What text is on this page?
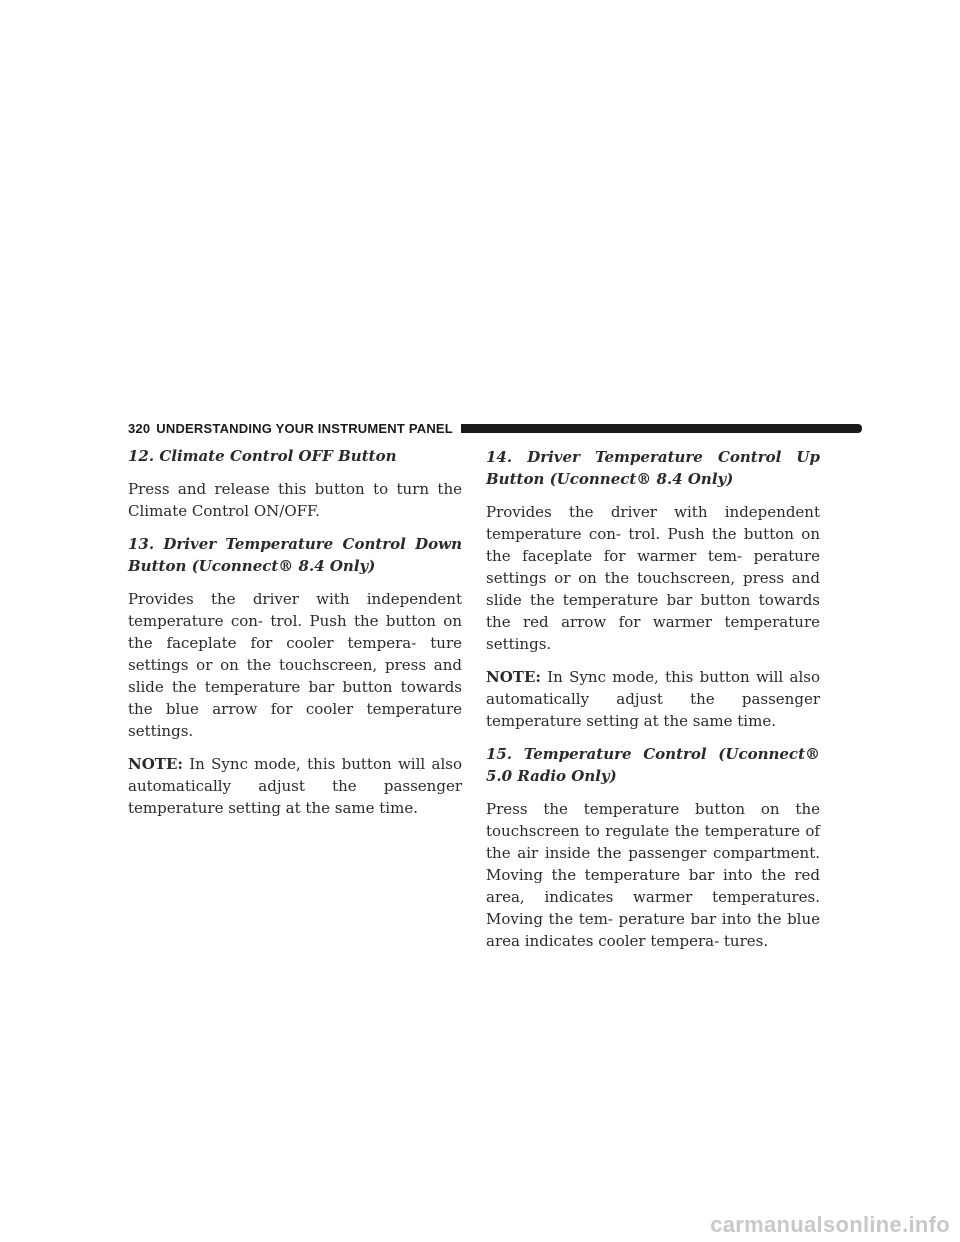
320 UNDERSTANDING YOUR INSTRUMENT PANEL

12. Climate Control OFF Button

Press and release this button to turn the Climate Control ON/OFF.

13. Driver Temperature Control Down Button (Uconnect® 8.4 Only)

Provides the driver with independent temperature con- trol. Push the button on the faceplate for cooler tempera- ture settings or on the touchscreen, press and slide the temperature bar button towards the blue arrow for cooler temperature settings.

NOTE: In Sync mode, this button will also automatically adjust the passenger temperature setting at the same time.

14. Driver Temperature Control Up Button (Uconnect® 8.4 Only)

Provides the driver with independent temperature con- trol. Push the button on the faceplate for warmer tem- perature settings or on the touchscreen, press and slide the temperature bar button towards the red arrow for warmer temperature settings.

NOTE: In Sync mode, this button will also automatically adjust the passenger temperature setting at the same time.

15. Temperature Control (Uconnect® 5.0 Radio Only)

Press the temperature button on the touchscreen to regulate the temperature of the air inside the passenger compartment. Moving the temperature bar into the red area, indicates warmer temperatures. Moving the tem- perature bar into the blue area indicates cooler tempera- tures.

carmanualsonline.info
